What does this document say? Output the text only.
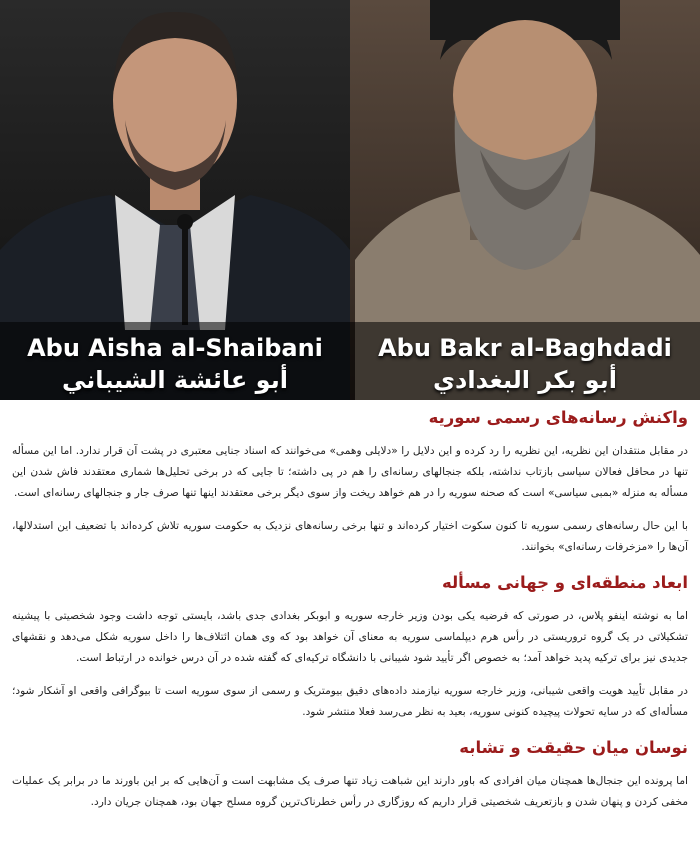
Abu Aisha al-Shaibani
أبو عائشة الشيباني
Abu Bakr al-Baghdadi
أبو بكر البغدادي
واکنش رسانه‌های رسمی سوریه

در مقابل منتقدان این نظریه، این نظریه را رد کرده و این دلایل را «دلایلی وهمی» می‌خوانند که اسناد جنایی معتبری در پشت آن قرار ندارد. اما این مسأله تنها در محافل فعالان سیاسی بازتاب نداشته، بلکه جنجالهای رسانه‌ای را هم در پی داشته؛ تا جایی که در برخی تحلیل‌ها شماری معتقدند فاش شدن این مسأله به منزله «بمبی سیاسی» است که صحنه سوریه را در هم خواهد ریخت واز سوی دیگر برخی معتقدند اینها تنها صرف جار و جنجالهای رسانه‌ای است.

با این حال رسانه‌های رسمی سوریه تا کنون سکوت اختیار کرده‌اند و تنها برخی رسانه‌های نزدیک به حکومت سوریه تلاش کرده‌اند با تضعیف این استدلالها، آن‌ها را «مزخرفات رسانه‌ای» بخوانند.

ابعاد منطقه‌ای و جهانی مسأله

اما به نوشته اینفو پلاس، در صورتی که فرضیه یکی بودن وزیر خارجه سوریه و ابوبکر بغدادی جدی باشد، بایستی توجه داشت وجود شخصیتی با پیشینه تشکیلاتی در یک گروه تروریستی در رأس هرم دیپلماسی سوریه به معنای آن خواهد بود که وی همان ائتلاف‌ها را داخل سوریه شکل می‌دهد و نقشهای جدیدی نیز برای ترکیه پدید خواهد آمد؛ به خصوص اگر تأیید شود شیبانی با دانشگاه ترکیه‌ای که گفته شده در آن درس خوانده در ارتباط است.

در مقابل تأیید هویت واقعی شیبانی، وزیر خارجه سوریه نیازمند داده‌های دقیق بیومتریک و رسمی از سوی سوریه است تا بیوگرافی واقعی او آشکار شود؛ مسأله‌ای که در سایه تحولات پیچیده کنونی سوریه، بعید به نظر می‌رسد فعلا منتشر شود.

نوسان میان حقیقت و تشابه

اما پرونده این جنجال‌ها همچنان میان افرادی که باور دارند این شباهت زیاد تنها صرف یک مشابهت است و آن‌هایی که بر این باورند ما در برابر یک عملیات مخفی کردن و پنهان شدن و بازتعریف شخصیتی قرار داریم که روزگاری در رأس خطرناک‌ترین گروه مسلح جهان بود، همچنان جریان دارد.
